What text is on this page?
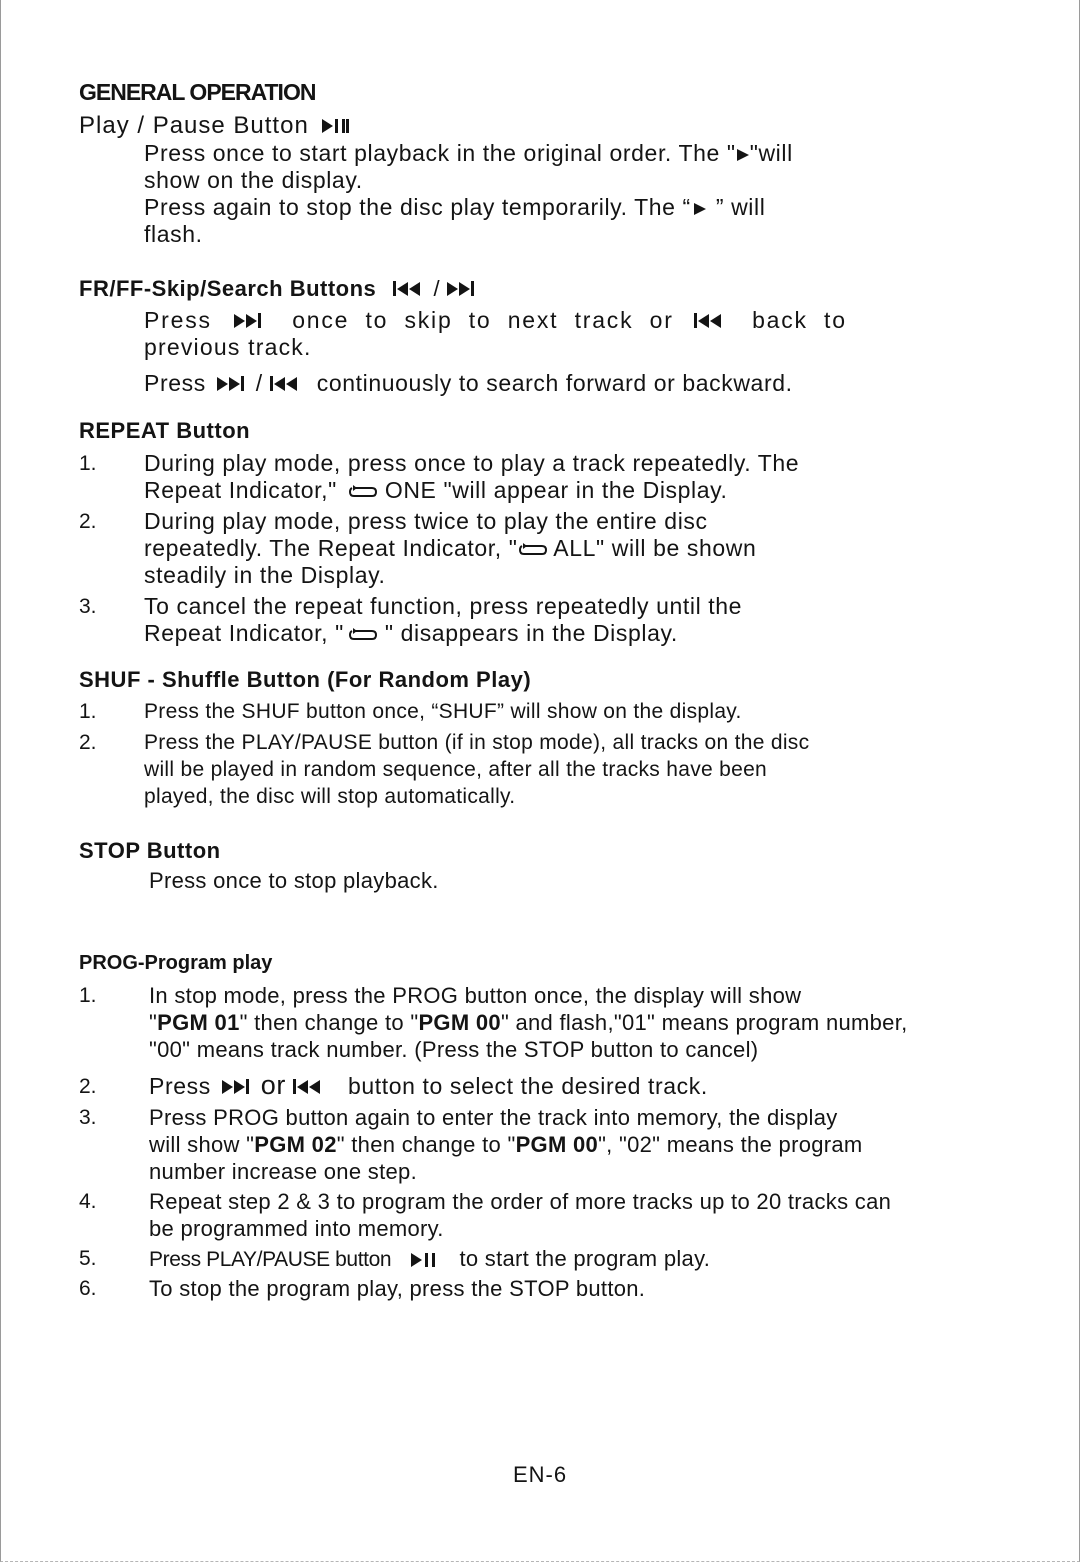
GENERAL OPERATION
Play / Pause Button
Press once to start playback in the original order. The " "will
show on the display.
Press again to stop the disc play temporarily. The “
” will
flash.
FR/FF-Skip/Search Buttons
/
Press	once to skip to next track or	back to
previous track.
Press / continuously to search forward or backward.
REPEAT Button
1. During play mode, press once to play a track repeatedly. The
Repeat Indicator,"
ONE "will appear in the Display.
2. During play mode, press twice to play the entire disc
repeatedly. The Repeat Indicator, "
ALL" will be shown
steadily in the Display.
3. To cancel the repeat function, press repeatedly until the
Repeat Indicator, "
" disappears in the Display.
SHUF - Shuffle Button (For Random Play)
1. Press the SHUF button once, “SHUF” will show on the display.
2. Press the PLAY/PAUSE button (if in stop mode), all tracks on the disc
will be played in random sequence, after all the tracks have been
played, the disc will stop automatically.
STOP Button
Press once to stop playback.
PROG-Program play
1. In stop mode, press the PROG button once, the display will show
"PGM 01" then change to "PGM 00" and flash,"01" means program number,
"00" means track number. (Press the STOP button to cancel)
2. Press or	button to select the desired track.
3. Press PROG button again to enter the track into memory, the display
will show "PGM 02" then change to "PGM 00", "02" means the program
number increase one step.
4. Repeat step 2 & 3 to program the order of more tracks up to 20 tracks can
be programmed into memory.
5. Press PLAY/PAUSE button	to start the program play.
6. To stop the program play, press the STOP button.
EN-6
